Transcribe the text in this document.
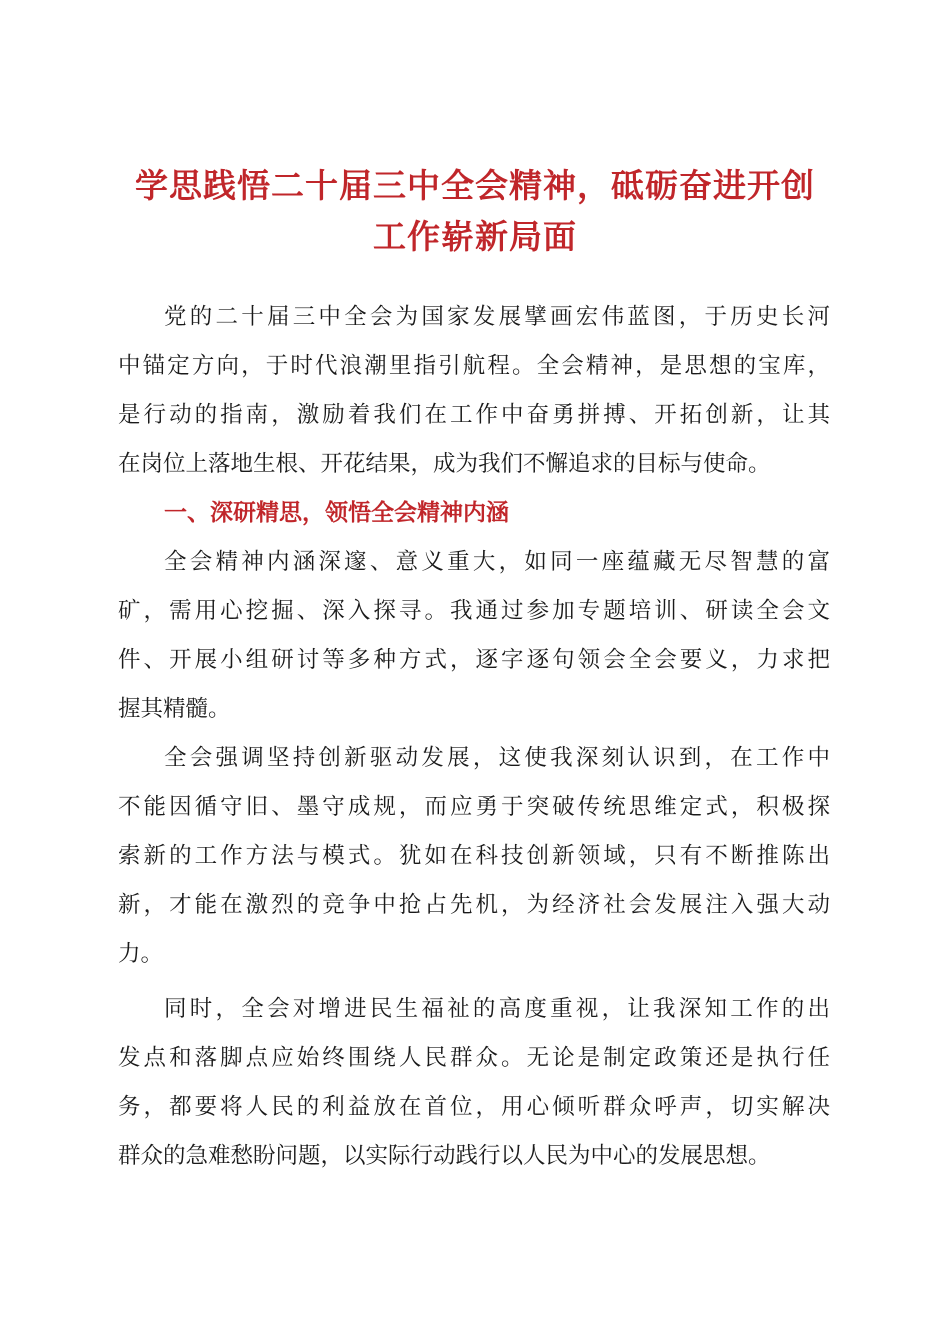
学思践悟二十届三中全会精神，砥砺奋进开创
工作崭新局面
党的二十届三中全会为国家发展擘画宏伟蓝图，于历史长河
中锚定方向，于时代浪潮里指引航程。全会精神，是思想的宝库，
是行动的指南，激励着我们在工作中奋勇拼搏、开拓创新，让其
在岗位上落地生根、开花结果，成为我们不懈追求的目标与使命。
一、深研精思，领悟全会精神内涵
全会精神内涵深邃、意义重大，如同一座蕴藏无尽智慧的富
矿，需用心挖掘、深入探寻。我通过参加专题培训、研读全会文
件、开展小组研讨等多种方式，逐字逐句领会全会要义，力求把
握其精髓。
全会强调坚持创新驱动发展，这使我深刻认识到，在工作中
不能因循守旧、墨守成规，而应勇于突破传统思维定式，积极探
索新的工作方法与模式。犹如在科技创新领域，只有不断推陈出
新，才能在激烈的竞争中抢占先机，为经济社会发展注入强大动
力。
同时，全会对增进民生福祉的高度重视，让我深知工作的出
发点和落脚点应始终围绕人民群众。无论是制定政策还是执行任
务，都要将人民的利益放在首位，用心倾听群众呼声，切实解决
群众的急难愁盼问题，以实际行动践行以人民为中心的发展思想。
